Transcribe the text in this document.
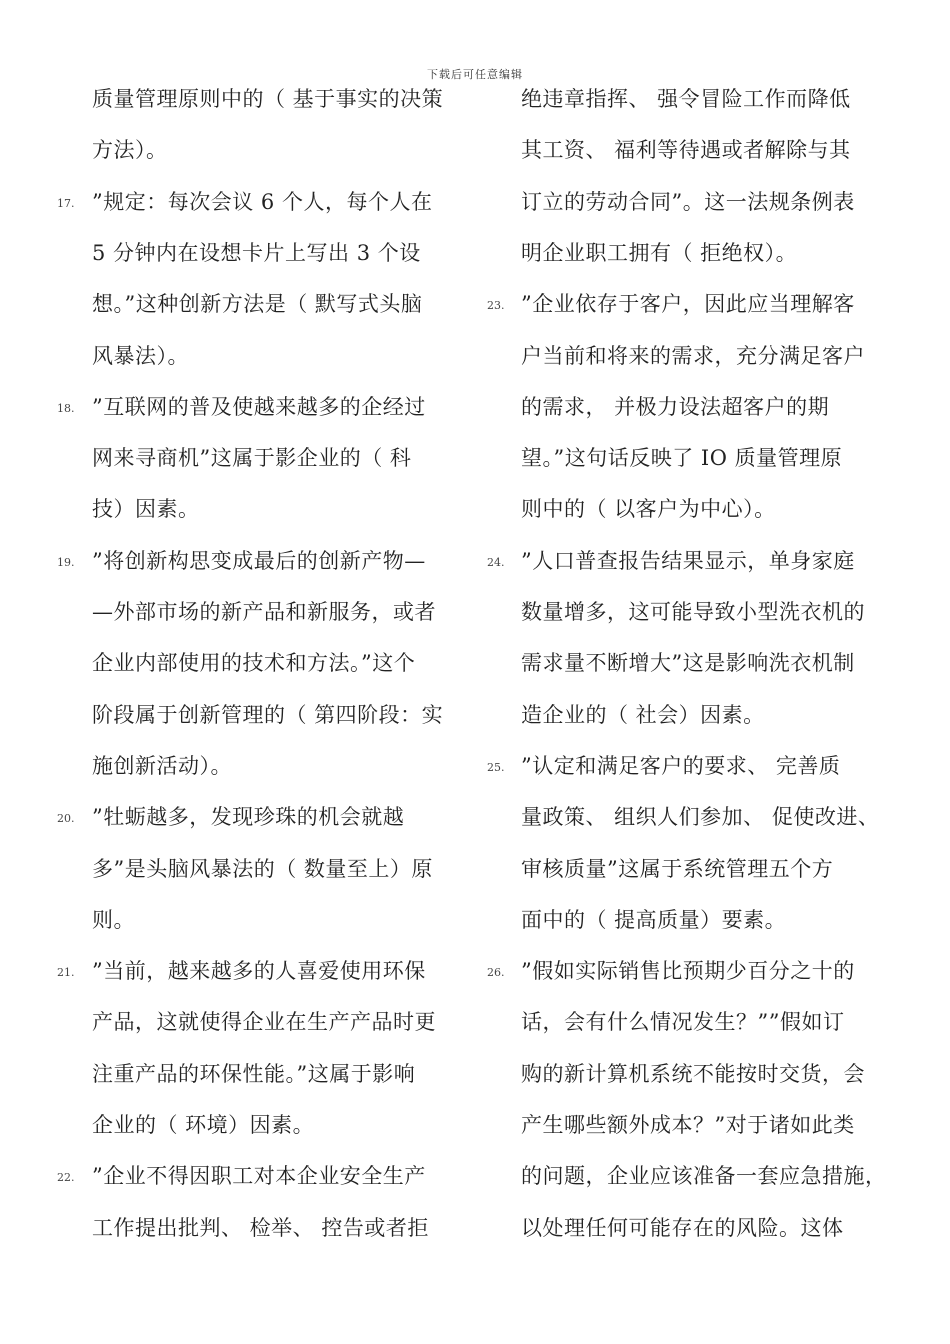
下载后可任意编辑
质量管理原则中的（ 基于事实的决策
方法）。
17. ”规定：每次会议 6 个人，每个人在
5 分钟内在设想卡片上写出 3 个设
想。”这种创新方法是（ 默写式头脑
风暴法）。
18. ”互联网的普及使越来越多的企经过
网来寻商机”这属于影企业的（ 科
技）因素。
19. ”将创新构思变成最后的创新产物—
—外部市场的新产品和新服务，或者
企业内部使用的技术和方法。”这个
阶段属于创新管理的（ 第四阶段：实
施创新活动）。
20. ”牡蛎越多，发现珍珠的机会就越
多”是头脑风暴法的（ 数量至上）原
则。
21. ”当前，越来越多的人喜爱使用环保
产品，这就使得企业在生产产品时更
注重产品的环保性能。”这属于影响
企业的（ 环境）因素。
22. ”企业不得因职工对本企业安全生产
工作提出批判、 检举、 控告或者拒
绝违章指挥、 强令冒险工作而降低
其工资、 福利等待遇或者解除与其
订立的劳动合同”。这一法规条例表
明企业职工拥有（ 拒绝权）。
23. ”企业依存于客户，因此应当理解客
户当前和将来的需求，充分满足客户
的需求， 并极力设法超客户的期
望。”这句话反映了 IO 质量管理原
则中的（ 以客户为中心）。
24. ”人口普查报告结果显示，单身家庭
数量增多，这可能导致小型洗衣机的
需求量不断增大”这是影响洗衣机制
造企业的（ 社会）因素。
25. ”认定和满足客户的要求、 完善质
量政策、 组织人们参加、 促使改进、
审核质量”这属于系统管理五个方
面中的（ 提高质量）要素。
26. ”假如实际销售比预期少百分之十的
话，会有什么情况发生？””假如订
购的新计算机系统不能按时交货，会
产生哪些额外成本？”对于诸如此类
的问题，企业应该准备一套应急措施，
以处理任何可能存在的风险。这体
